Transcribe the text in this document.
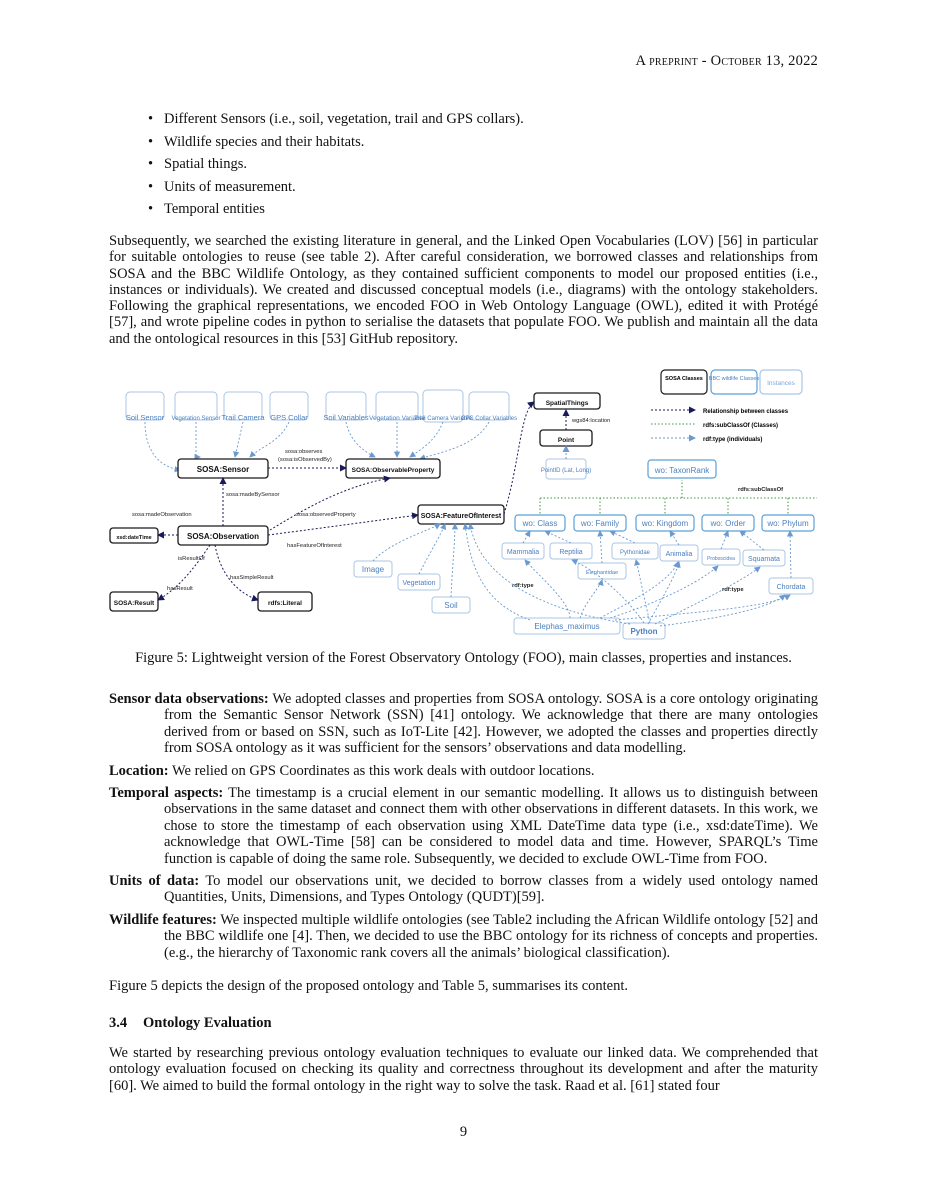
A preprint - October 13, 2022
• Different Sensors (i.e., soil, vegetation, trail and GPS collars).
• Wildlife species and their habitats.
• Spatial things.
• Units of measurement.
• Temporal entities

Subsequently, we searched the existing literature in general, and the Linked Open Vocabularies (LOV) [56] in particular for suitable ontologies to reuse (see table 2). After careful consideration, we borrowed classes and relationships from SOSA and the BBC Wildlife Ontology, as they contained sufficient components to model our proposed entities (i.e., instances or individuals). We created and discussed conceptual models (i.e., diagrams) with the ontology stakeholders. Following the graphical representations, we encoded FOO in Web Ontology Language (OWL), edited it with Protégé [57], and wrote pipeline codes in python to serialise the datasets that populate FOO. We publish and maintain all the data and the ontological resources in this [53] GitHub repository.

SOSA Classes BBC wildlife Classes
Instances
Relationship between classes
rdfs:subClassOf (Classes)
rdf:type (individuals)
Soil Sensor Vegetation Sensor Trail Camera GPS Collar Soil Variables Vegetation Variable
Trail Camera Variable
GPS Collar Variables
SOSA:Sensor	SOSA:ObservableProperty
SOSA:Observation
SOSA:FeatureOfInterest
SOSA:Result	rdfs:Literal
xsd:dateTime
SpatialThings
Point
sosa:observes
(sosa:isObservedBy)
sosa:madeBySensor
sosa:madeObservation	sosa:observedProperty
hasFeatureOfInterest
isResultOf
hasSimpleResult
hasResult
wgs84:location
rdfs:subClassOf
rdf:type
rdf:type
PointID (Lat, Long)	wo: TaxonRank
wo: Class	wo: Family	wo: Kingdom	wo: Order	wo: Phylum
Mammalia	Reptilia	Pythonidae
Elephantidae
Animalia
Proboscidea Squamata
Chordata
Image
Vegetation
Soil
Elephas_maximus
Python
Figure 5: Lightweight version of the Forest Observatory Ontology (FOO), main classes, properties and instances.

Sensor data observations: We adopted classes and properties from SOSA ontology. SOSA is a core ontology originating from the Semantic Sensor Network (SSN) [41] ontology. We acknowledge that there are many ontologies derived from or based on SSN, such as IoT-Lite [42]. However, we adopted the classes and properties directly from SOSA ontology as it was sufficient for the sensors’ observations and data modelling.

Location: We relied on GPS Coordinates as this work deals with outdoor locations.

Temporal aspects: The timestamp is a crucial element in our semantic modelling. It allows us to distinguish between observations in the same dataset and connect them with other observations in different datasets. In this work, we chose to store the timestamp of each observation using XML DateTime data type (i.e., xsd:dateTime). We acknowledge that OWL-Time [58] can be considered to model data and time. However, SPARQL’s Time function is capable of doing the same role. Subsequently, we decided to exclude OWL-Time from FOO.

Units of data: To model our observations unit, we decided to borrow classes from a widely used ontology named Quantities, Units, Dimensions, and Types Ontology (QUDT)[59].

Wildlife features: We inspected multiple wildlife ontologies (see Table2 including the African Wildlife ontology [52] and the BBC wildlife one [4]. Then, we decided to use the BBC ontology for its richness of concepts and properties. (e.g., the hierarchy of Taxonomic rank covers all the animals’ biological classification).

Figure 5 depicts the design of the proposed ontology and Table 5, summarises its content.

3.4 Ontology Evaluation

We started by researching previous ontology evaluation techniques to evaluate our linked data. We comprehended that ontology evaluation focused on checking its quality and correctness throughout its development and after the maturity [60]. We aimed to build the formal ontology in the right way to solve the task. Raad et al. [61] stated four

9
